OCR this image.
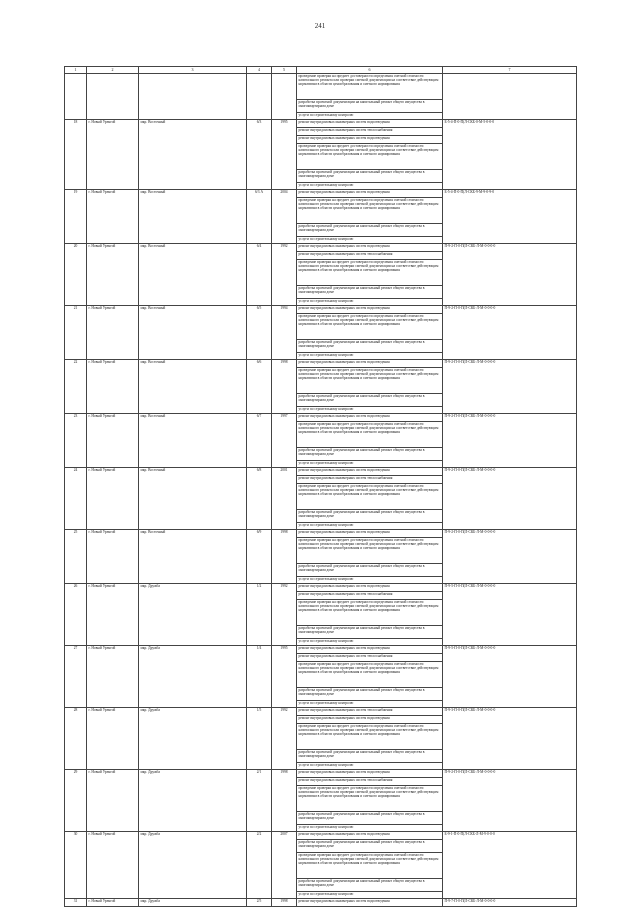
241
1	2	3	4	5	6	7
					проведение проверки на предмет достоверности определения сметной стоимости капитального ремонта или проверки сметной документации на соответствие действующим нормативам в области ценообразования и сметного нормирования	
					разработка проектной документации на капитальный ремонт общего имущества в многоквартирном доме	
					услуги по строительному контролю	
18	г. Новый Уренгой	мкр. Восточный	6/3	1995	ремонт внутридомовых инженерных систем водоотведения	Б-5-4-П-0-П(Л-СКБ-0-М-5-0-0-0
					ремонт внутридомовых инженерных систем теплоснабжения	
					ремонт внутридомовых инженерных систем водоотведения	
					проведение проверки на предмет достоверности определения сметной стоимости капитального ремонта или проверки сметной документации на соответствие действующим нормативам в области ценообразования и сметного нормирования	
					разработка проектной документации на капитальный ремонт общего имущества в многоквартирном доме	
					услуги по строительному контролю	
19	г. Новый Уренгой	мкр. Восточный	6/3 А	2004	ремонт внутридомовых инженерных систем водоотведения	Б-5-4-П-0-П(Л-СКБ-9-М-9-0-9-0
					проведение проверки на предмет достоверности определения сметной стоимости капитального ремонта или проверки сметной документации на соответствие действующим нормативам в области ценообразования и сметного нормирования	
					разработка проектной документации на капитальный ремонт общего имущества в многоквартирном доме	
					услуги по строительному контролю	
20	г. Новый Уренгой	мкр. Восточный	6/4	1992	ремонт внутридомовых инженерных систем водоотведения	П-9-2-П-0-П(Л-СКБ-Л-М-0-0-0-0
					ремонт внутридомовых инженерных систем теплоснабжения	
					проведение проверки на предмет достоверности определения сметной стоимости капитального ремонта или проверки сметной документации на соответствие действующим нормативам в области ценообразования и сметного нормирования	
					разработка проектной документации на капитальный ремонт общего имущества в многоквартирном доме	
					услуги по строительному контролю	
21	г. Новый Уренгой	мкр. Восточный	6/5	1994	ремонт внутридомовых инженерных систем водоотведения	П-9-2-П-0-П(Л-СКБ-Л-М-0-0-0-0
					проведение проверки на предмет достоверности определения сметной стоимости капитального ремонта или проверки сметной документации на соответствие действующим нормативам в области ценообразования и сметного нормирования	
					разработка проектной документации на капитальный ремонт общего имущества в многоквартирном доме	
					услуги по строительному контролю	
22	г. Новый Уренгой	мкр. Восточный	6/6	1998	ремонт внутридомовых инженерных систем водоотведения	П-9-2-П-0-П(Л-СКБ-Л-М-0-0-0-0
					проведение проверки на предмет достоверности определения сметной стоимости капитального ремонта или проверки сметной документации на соответствие действующим нормативам в области ценообразования и сметного нормирования	
					разработка проектной документации на капитальный ремонт общего имущества в многоквартирном доме	
					услуги по строительному контролю	
23	г. Новый Уренгой	мкр. Восточный	6/7	1997	ремонт внутридомовых инженерных систем водоотведения	П-9-2-П-0-П(Л-СКБ-Л-М-0-0-0-0
					проведение проверки на предмет достоверности определения сметной стоимости капитального ремонта или проверки сметной документации на соответствие действующим нормативам в области ценообразования и сметного нормирования	
					разработка проектной документации на капитальный ремонт общего имущества в многоквартирном доме	
					услуги по строительному контролю	
24	г. Новый Уренгой	мкр. Восточный	6/8	2001	ремонт внутридомовых инженерных систем водоотведения	П-9-2-П-0-П(Л-СКБ-Л-М-0-0-0-0
					ремонт внутридомовых инженерных систем теплоснабжения	
					проведение проверки на предмет достоверности определения сметной стоимости капитального ремонта или проверки сметной документации на соответствие действующим нормативам в области ценообразования и сметного нормирования	
					разработка проектной документации на капитальный ремонт общего имущества в многоквартирном доме	
					услуги по строительному контролю	
25	г. Новый Уренгой	мкр. Восточный	6/9	1998	ремонт внутридомовых инженерных систем водоотведения	П-9-2-П-0-П(Л-СКБ-Л-М-0-0-0-0
					проведение проверки на предмет достоверности определения сметной стоимости капитального ремонта или проверки сметной документации на соответствие действующим нормативам в области ценообразования и сметного нормирования	
					разработка проектной документации на капитальный ремонт общего имущества в многоквартирном доме	
					услуги по строительному контролю	
26	г. Новый Уренгой	мкр. Дружба	1/2	1992	ремонт внутридомовых инженерных систем водоотведения	П-9-5-П-0-П(Л-СКБ-Л-М-0-0-0-0
					ремонт внутридомовых инженерных систем теплоснабжения	
					проведение проверки на предмет достоверности определения сметной стоимости капитального ремонта или проверки сметной документации на соответствие действующим нормативам в области ценообразования и сметного нормирования	
					разработка проектной документации на капитальный ремонт общего имущества в многоквартирном доме	
					услуги по строительному контролю	
27	г. Новый Уренгой	мкр. Дружба	1/4	1995	ремонт внутридомовых инженерных систем водоотведения	П-9-5-П-0-П(Л-СКБ-Л-М-0-0-0-0
					ремонт внутридомовых инженерных систем теплоснабжения	
					проведение проверки на предмет достоверности определения сметной стоимости капитального ремонта или проверки сметной документации на соответствие действующим нормативам в области ценообразования и сметного нормирования	
					разработка проектной документации на капитальный ремонт общего имущества в многоквартирном доме	
					услуги по строительному контролю	
28	г. Новый Уренгой	мкр. Дружба	1/5	1992	ремонт внутридомовых инженерных систем теплоснабжения	П-9-3-П-0-П(Л-СКБ-Л-М-0-0-0-0
					ремонт внутридомовых инженерных систем водоотведения	
					проведение проверки на предмет достоверности определения сметной стоимости капитального ремонта или проверки сметной документации на соответствие действующим нормативам в области ценообразования и сметного нормирования	
					разработка проектной документации на капитальный ремонт общего имущества в многоквартирном доме	
					услуги по строительному контролю	
29	г. Новый Уренгой	мкр. Дружба	2/1	1998	ремонт внутридомовых инженерных систем водоотведения	П-9-2-П-0-П(Л-СКБ-Л-М-0-0-0-0
					ремонт внутридомовых инженерных систем теплоснабжения	
					проведение проверки на предмет достоверности определения сметной стоимости капитального ремонта или проверки сметной документации на соответствие действующим нормативам в области ценообразования и сметного нормирования	
					разработка проектной документации на капитальный ремонт общего имущества в многоквартирном доме	
					услуги по строительному контролю	
30	г. Новый Уренгой	мкр. Дружба	2/2	2007	ремонт внутридомовых инженерных систем водоотведения	Б-9-1-П-0-П(Л-СКБ-Л-М-9-0-0-0
					разработка проектной документации на капитальный ремонт общего имущества в многоквартирном доме	
					проведение проверки на предмет достоверности определения сметной стоимости капитального ремонта или проверки сметной документации на соответствие действующим нормативам в области ценообразования и сметного нормирования	
					разработка проектной документации на капитальный ремонт общего имущества в многоквартирном доме	
					услуги по строительному контролю	
31	г. Новый Уренгой	мкр. Дружба	2/5	1998	ремонт внутридомовых инженерных систем водоотведения	П-9-7-П-0-П(Л-СКБ-Л-М-0-0-0-0
